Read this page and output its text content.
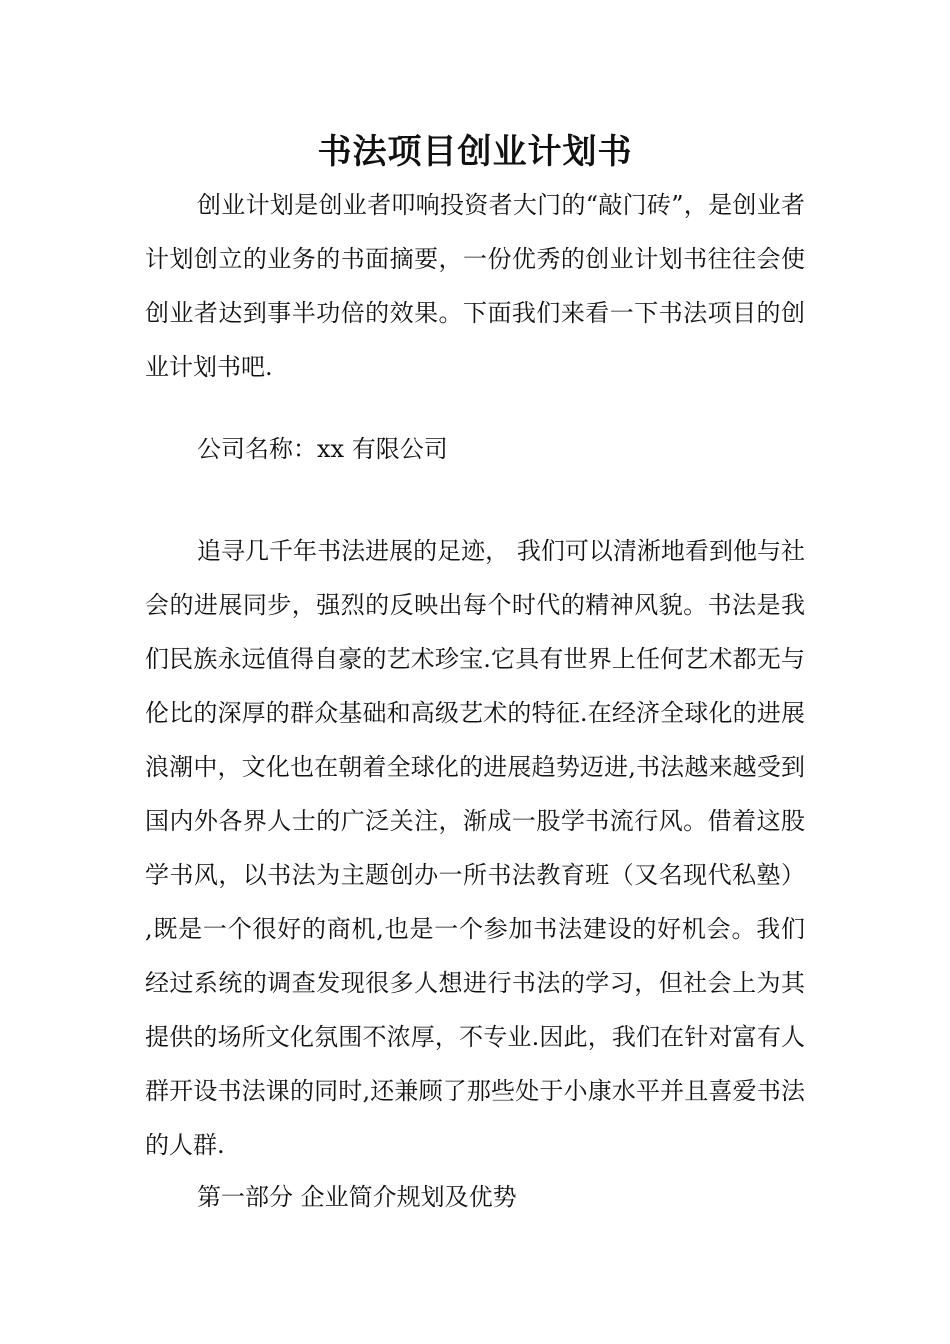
书法项目创业计划书

创业计划是创业者叩响投资者大门的“敲门砖”，是创业者计划创立的业务的书面摘要，一份优秀的创业计划书往往会使创业者达到事半功倍的效果。下面我们来看一下书法项目的创业计划书吧.

公司名称：xx 有限公司

追寻几千年书法进展的足迹， 我们可以清淅地看到他与社会的进展同步，强烈的反映出每个时代的精神风貌。书法是我们民族永远值得自豪的艺术珍宝.它具有世界上任何艺术都无与伦比的深厚的群众基础和高级艺术的特征.在经济全球化的进展浪潮中，文化也在朝着全球化的进展趋势迈进,书法越来越受到国内外各界人士的广泛关注，渐成一股学书流行风。借着这股学书风，以书法为主题创办一所书法教育班（又名现代私塾） ,既是一个很好的商机,也是一个参加书法建设的好机会。我们经过系统的调查发现很多人想进行书法的学习，但社会上为其提供的场所文化氛围不浓厚，不专业.因此，我们在针对富有人群开设书法课的同时,还兼顾了那些处于小康水平并且喜爱书法的人群.

第一部分 企业简介规划及优势
